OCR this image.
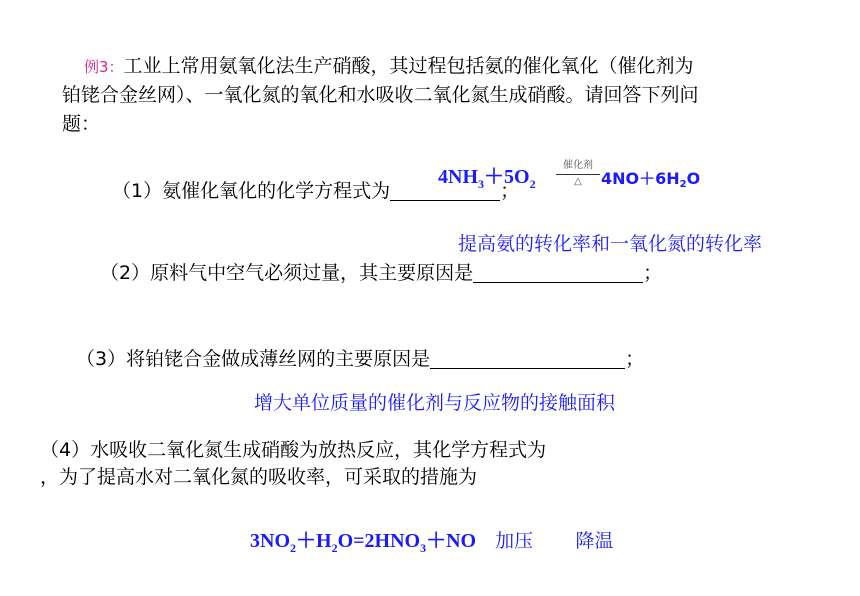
例3：工业上常用氨氧化法生产硝酸，其过程包括氨的催化氧化（催化剂为
铂铑合金丝网）、一氧化氮的氧化和水吸收二氧化氮生成硝酸。请回答下列问
题：
（1）氨催化氧化的化学方程式为	；
$4NH_3+5O_2$
催化剂
△	$4NO+6H_2O$
提高氨的转化率和一氧化氮的转化率
（2）原料气中空气必须过量，其主要原因是	；
（3）将铂铑合金做成薄丝网的主要原因是	；
增大单位质量的催化剂与反应物的接触面积
（4）水吸收二氧化氮生成硝酸为放热反应，其化学方程式为
，为了提高水对二氧化氮的吸收率，可采取的措施为
$3NO_2+H_2O=2HNO_3+NO$ 加压 降温
